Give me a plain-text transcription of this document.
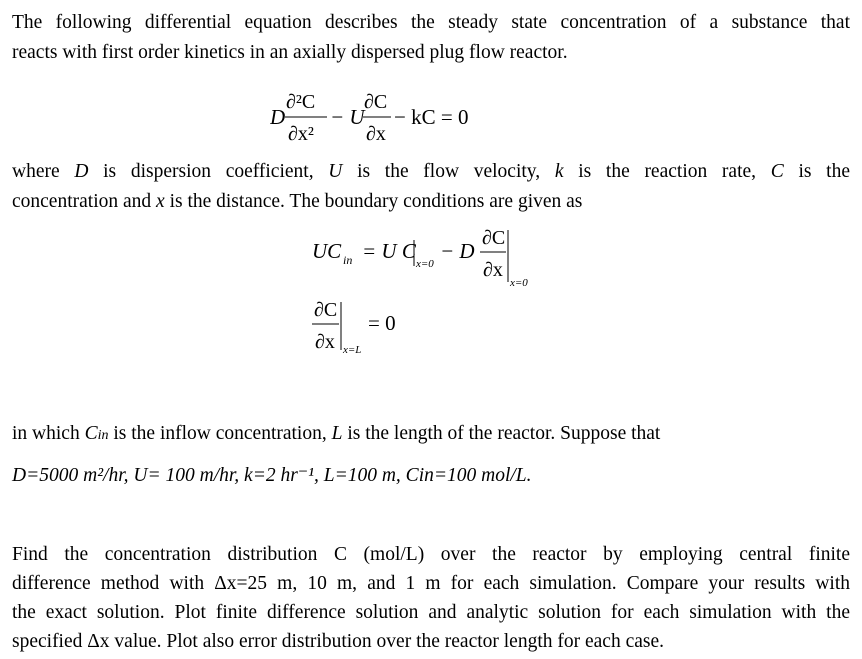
The following differential equation describes the steady state concentration of a substance that
reacts with first order kinetics in an axially dispersed plug flow reactor.
D
∂²C
∂x²
− U
∂C
∂x
− kC = 0
where D is dispersion coefficient, U is the flow velocity, k is the reaction rate, C is the
concentration and x is the distance. The boundary conditions are given as
UC in = U C
x=0
− D
∂C
∂x
x=0
∂C
∂x x=L
= 0
in which Cin is the inflow concentration, L is the length of the reactor. Suppose that
D=5000 m²/hr, U= 100 m/hr, k=2 hr⁻¹, L=100 m, Cin=100 mol/L.
Find the concentration distribution C (mol/L) over the reactor by employing central finite
difference method with Δx=25 m, 10 m, and 1 m for each simulation. Compare your results with
the exact solution. Plot finite difference solution and analytic solution for each simulation with the
specified Δx value. Plot also error distribution over the reactor length for each case.
